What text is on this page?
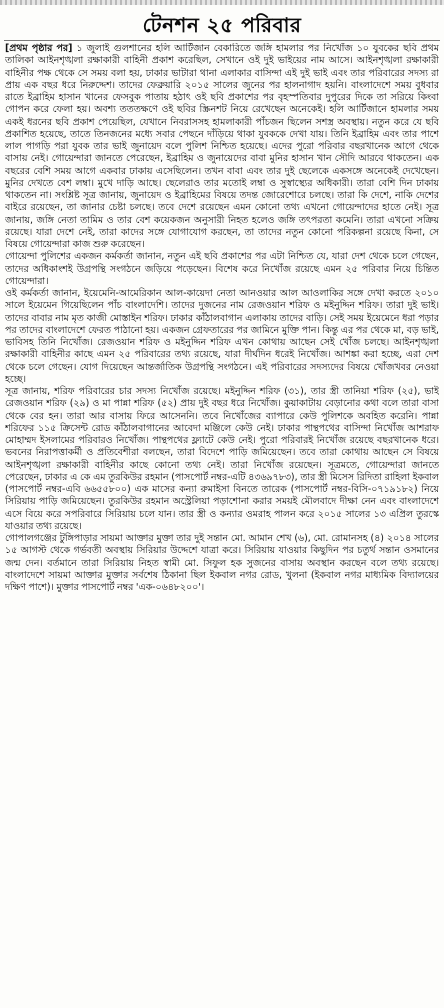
টেনশন ২৫ পরিবার

[প্রথম পৃষ্ঠার পর] ১ জুলাই গুলশানের হলি আর্টিজান বেকারিতে জঙ্গি হামলার পর নিখোঁজ ১০ যুবকের ছবি প্রথম তালিকা আইনশৃঙ্খলা রক্ষাকারী বাহিনী প্রকাশ করেছিল, সেখানে ওই দুই ভাইয়ের নাম আসে। আইনশৃঙ্খলা রক্ষাকারী বাহিনীর পক্ষ থেকে সে সময় বলা হয়, ঢাকার ভাটারা থানা এলাকার বাসিন্দা এই দুই ভাই এবং তার পরিবারের সদস্য রা প্রায় এক বছর ধরে নিরুদ্দেশ। তাদের ফেব্রুয়ারি ২০১৫ সালের জুনের পর হালনাগাদ হয়নি। বাংলাদেশে সময় বুধবার রাতে ইব্রাহিম হাসান খানের ফেসবুক পাতায় হঠাৎ ওই ছবি প্রকাশের পর বৃহস্পতিবার দুপুরের দিকে তা সরিয়ে কিংবা গোপন করে ফেলা হয়। অবশ্য তততক্ষণে ওই ছবির স্ক্রিনশট নিয়ে রেখেছেন অনেকেই। হলি আর্টিজানে হামলার সময় একই ধরনের ছবি প্রকাশ পেয়েছিল, যেখানে নিবরাসসহ হামলাকারী পাঁচজন ছিলেন সশস্ত্র অবস্থায়। নতুন করে যে ছবি প্রকাশিত হয়েছে, তাতে তিনজনের মধ্যে সবার পেছনে দাঁড়িয়ে থাকা যুবককে দেখা যায়। তিনি ইব্রাহিম এবং তার পাশে লাল পাগড়ি পরা যুবক তার ভাই জুনায়েদ বলে পুলিশ নিশ্চিত হয়েছে। এদের পুরো পরিবার বছরখানেক আগে থেকে বাসায় নেই। গোয়েন্দারা জানতে পেরেছেন, ইব্রাহিম ও জুনায়েদের বাবা মুনির হাসান খান সৌদি আরবে থাকতেন। এক বছরের বেশি সময় আগে একবার ঢাকায় এসেছিলেন। তখন বাবা এবং তার দুই ছেলেকে একসঙ্গে অনেকেই দেখেছেন। মুনির দেখতে বেশ লম্বা। মুখে দাড়ি আছে। ছেলেরাও তার মতোই লম্বা ও সুস্বাস্থ্যের অধিকারী। তারা বেশি দিন ঢাকায় থাকতেন না। সংশ্লিষ্ট সূত্র জানায়, জুনায়েদ ও ইব্রাহিমের বিষয়ে তদন্ত জোরেশোরে চলছে। তারা কি দেশে, নাকি দেশের বাইরে রয়েছেন, তা জানার চেষ্টা চলছে। তবে দেশে রয়েছেন এমন কোনো তথ্য এখনো গোয়েন্দাদের হাতে নেই। সূত্র জানায়, জঙ্গি নেতা তামিম ও তার বেশ কয়েকজন অনুসারী নিহত হলেও জঙ্গি তৎপরতা কমেনি। তারা এখনো সক্রিয় রয়েছে। যারা দেশে নেই, তারা কাদের সঙ্গে যোগাযোগ করছেন, তা তাদের নতুন কোনো পরিকল্পনা রয়েছে কিনা, সে বিষয়ে গোয়েন্দারা কাজ শুরু করেছেন।

গোয়েন্দা পুলিশের একজন কর্মকর্তা জানান, নতুন এই ছবি প্রকাশের পর এটা নিশ্চিত যে, যারা দেশ থেকে চলে গেছেন, তাদের অধিকাংশই উগ্রপন্থি সংগঠনে জড়িয়ে পড়েছেন। বিশেষ করে নিখোঁজ রয়েছে এমন ২৫ পরিবার নিয়ে চিন্তিত গোয়েন্দারা।

ওই কর্মকর্তা জানান, ইয়েমেনি-আমেরিকান আল-কায়েদা নেতা আনওয়ার আল আওলাকির সঙ্গে দেখা করতে ২০১০ সালে ইয়েমেন গিয়েছিলেন পাঁচ বাংলাদেশি। তাদের দুজনের নাম রেজওয়ান শরিফ ও মইনুদ্দিন শরিফ। তারা দুই ভাই। তাদের বাবার নাম মৃত কাজী মোস্তাইন শরিফ। ঢাকার কাঁঠালবাগান এলাকায় তাদের বাড়ি। সেই সময় ইয়েমেনে ধরা পড়ার পর তাদের বাংলাদেশে ফেরত পাঠানো হয়। একজন গ্রেফতারের পর জামিনে মুক্তি পান। কিন্তু এর পর থেকে মা, বড় ভাই, ভাবিসহ তিনি নিখোঁজ। রেজওয়ান শরিফ ও মইনুদ্দিন শরিফ এখন কোথায় আছেন সেই খোঁজ চলছে। আইনশৃঙ্খলা রক্ষাকারী বাহিনীর কাছে এমন ২৫ পরিবারের তথ্য রয়েছে, যারা দীর্ঘদিন ধরেই নিখোঁজ। আশঙ্কা করা হচ্ছে, এরা দেশ থেকে চলে গেছেন। যোগ দিয়েছেন আন্তর্জাতিক উগ্রপন্থি সংগঠনে। এই পরিবারের সদস্যদের বিষয়ে খোঁজখবর নেওয়া হচ্ছে।

সূত্র জানায়, শরিফ পরিবারের চার সদস্য নিখোঁজ রয়েছে। মইনুদ্দিন শরিফ (৩১), তার স্ত্রী তানিয়া শরিফ (২৫), ভাই রেজওয়ান শরিফ (২৯) ও মা পান্না শরিফ (৫২) প্রায় দুই বছর ধরে নিখোঁজ। কুয়াকাটায় বেড়ানোর কথা বলে তারা বাসা থেকে বের হন। তারা আর বাসায় ফিরে আসেননি। তবে নিখোঁজের ব্যাপারে কেউ পুলিশকে অবহিত করেনি। পান্না শরিফের ১১৫ ক্রিসেন্ট রোড কাঁঠালবাগানের আবেদা মঞ্জিলে কেউ নেই। ঢাকার পান্থপথের বাসিন্দা নিখোঁজ আশরাফ মোহাম্মদ ইসলামের পরিবারও নিখোঁজ। পান্থপথের ফ্ল্যাটে কেউ নেই। পুরো পরিবারই নিখোঁজ রয়েছে বছরখানেক ধরে। ভবনের নিরাপত্তাকর্মী ও প্রতিবেশীরা বলছেন, তারা বিদেশে পাড়ি জমিয়েছেন। তবে তারা কোথায় আছেন সে বিষয়ে আইনশৃঙ্খলা রক্ষাকারী বাহিনীর কাছে কোনো তথ্য নেই। তারা নিখোঁজ রয়েছেন। সূত্রমতে, গোয়েন্দারা জানতে পেরেছেন, ঢাকার এ কে এম তুরকিউর রহমান (পাসপোর্ট নম্বর-এটি ৪৩৬৯৭৮৩), তার স্ত্রী মিসেস রিদিতা রাহিলা ইকবাল (পাসপোর্ট নম্বর-এবি ৬৬৫৫৮০০) এক মাসের কন্যা রুমাইসা বিনতে তারেক (পাসপোর্ট নম্বর-বিসি-০৭১৯১৮২) নিয়ে সিরিয়ায় পাড়ি জমিয়েছেন। তুরকিউর রহমান অস্ট্রেলিয়া পড়াশোনা করার সময়ই মৌলবাদে দীক্ষা নেন এবং বাংলাদেশে এসে বিয়ে করে সপরিবারে সিরিয়ায় চলে যান। তার স্ত্রী ও কন্যার ওমরাহ পালন করে ২০১৫ সালের ১৩ এপ্রিল তুরস্কে যাওয়ার তথ্য রয়েছে।

গোপালগঞ্জের টুঙ্গিপাড়ার সায়মা আক্তার মুক্তা তার দুই সন্তান মো. আমান শেখ (৬), মো. রোমানসহ (৪) ২০১৪ সালের ১৫ আগস্ট থেকে গর্ভবতী অবস্থায় সিরিয়ার উদ্দেশে যাত্রা করে। সিরিয়ায় যাওয়ার কিছুদিন পর চতুর্থ সন্তান ওসমানের জন্ম দেন। বর্তমানে তারা সিরিয়ায় নিহত স্বামী মো. সিফুল হক সুজনের বাসায় অবস্থান করছেন বলে তথ্য রয়েছে। বাংলাদেশে সায়মা আক্তার মুক্তার সর্বশেষ ঠিকানা ছিল ইকবাল নগর রোড, খুলনা (ইকবাল নগর মাধ্যমিক বিদ্যালয়ের দক্ষিণ পাশে)। মুক্তার পাসপোর্ট নম্বর 'এক-০৬৪৮২০০'।
